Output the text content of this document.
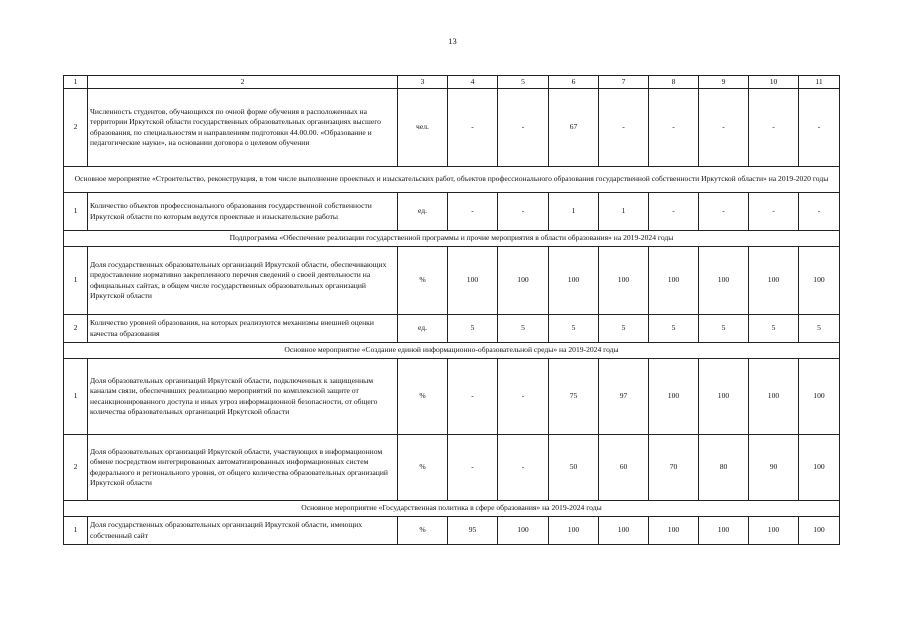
13
1	2	3	4	5	6	7	8	9	10	11
2	Численность студентов, обучающихся по очной форме обучения в расположенных на территории Иркутской области государственных образовательных организациях высшего образования, по специальностям и направлениям подготовки 44.00.00. «Образование и педагогические науки», на основании договора о целевом обучении	чел.	-	-	67	-	-	-	-	-
Основное мероприятие «Строительство, реконструкция, в том числе выполнение проектных и изыскательских работ, объектов профессионального образования государственной собственности Иркутской области» на 2019-2020 годы										
1	Количество объектов профессионального образования государственной собственности Иркутской области по которым ведутся проектные и изыскательские работы	ед.	-	-	1	1	-	-	-	-
Подпрограмма «Обеспечение реализации государственной программы и прочие мероприятия в области образования» на 2019-2024 годы										
1	Доля государственных образовательных организаций Иркутской области, обеспечивающих предоставление нормативно закрепленного перечня сведений о своей деятельности на официальных сайтах, в общем числе государственных образовательных организаций Иркутской области	%	100	100	100	100	100	100	100	100
2	Количество уровней образования, на которых реализуются механизмы внешней оценки качества образования	ед.	5	5	5	5	5	5	5	5
Основное мероприятие «Создание единой информационно-образовательной среды» на 2019-2024 годы										
1	Доля образовательных организаций Иркутской области, подключенных к защищенным каналам связи, обеспечивших реализацию мероприятий по комплексной защите от несанкционированного доступа и иных угроз информационной безопасности, от общего количества образовательных организаций Иркутской области	%	-	-	75	97	100	100	100	100
2	Доля образовательных организаций Иркутской области, участвующих в информационном обмене посредством интегрированных автоматизированных информационных систем федерального и регионального уровня, от общего количества образовательных организаций Иркутской области	%	-	-	50	60	70	80	90	100
Основное мероприятие «Государственная политика в сфере образования» на 2019-2024 годы										
1	Доля государственных образовательных организаций Иркутской области, имеющих собственный сайт	%	95	100	100	100	100	100	100	100
